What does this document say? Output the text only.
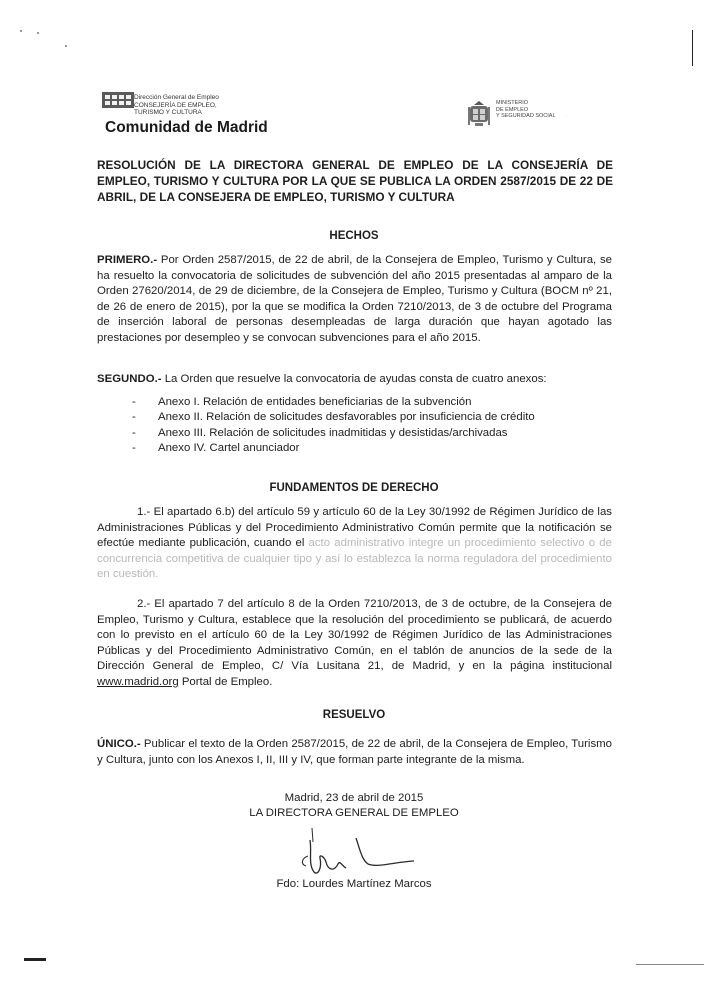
Dirección General de Empleo
CONSEJERÍA DE EMPLEO,
TURISMO Y CULTURA
Comunidad de Madrid
MINISTERIO
DE EMPLEO
Y SEGURIDAD SOCIAL .
RESOLUCIÓN DE LA DIRECTORA GENERAL DE EMPLEO DE LA CONSEJERÍA DE EMPLEO, TURISMO Y CULTURA POR LA QUE SE PUBLICA LA ORDEN 2587/2015 DE 22 DE ABRIL, DE LA CONSEJERA DE EMPLEO, TURISMO Y CULTURA
HECHOS

PRIMERO.- Por Orden 2587/2015, de 22 de abril, de la Consejera de Empleo, Turismo y Cultura, se ha resuelto la convocatoria de solicitudes de subvención del año 2015 presentadas al amparo de la Orden 27620/2014, de 29 de diciembre, de la Consejera de Empleo, Turismo y Cultura (BOCM nº 21, de 26 de enero de 2015), por la que se modifica la Orden 7210/2013, de 3 de octubre del Programa de inserción laboral de personas desempleadas de larga duración que hayan agotado las prestaciones por desempleo y se convocan subvenciones para el año 2015.

SEGUNDO.- La Orden que resuelve la convocatoria de ayudas consta de cuatro anexos:

- Anexo I. Relación de entidades beneficiarias de la subvención
- Anexo II. Relación de solicitudes desfavorables por insuficiencia de crédito
- Anexo III. Relación de solicitudes inadmitidas y desistidas/archivadas
- Anexo IV. Cartel anunciador
FUNDAMENTOS DE DERECHO

1.- El apartado 6.b) del artículo 59 y artículo 60 de la Ley 30/1992 de Régimen Jurídico de las Administraciones Públicas y del Procedimiento Administrativo Común permite que la notificación se efectúe mediante publicación, cuando el acto administrativo integre un procedimiento selectivo o de concurrencia competitiva de cualquier tipo y así lo establezca la norma reguladora del procedimiento en cuestión.

2.- El apartado 7 del artículo 8 de la Orden 7210/2013, de 3 de octubre, de la Consejera de Empleo, Turismo y Cultura, establece que la resolución del procedimiento se publicará, de acuerdo con lo previsto en el artículo 60 de la Ley 30/1992 de Régimen Jurídico de las Administraciones Públicas y del Procedimiento Administrativo Común, en el tablón de anuncios de la sede de la Dirección General de Empleo, C/ Vía Lusitana 21, de Madrid, y en la página institucional www.madrid.org Portal de Empleo.

RESUELVO

ÚNICO.- Publicar el texto de la Orden 2587/2015, de 22 de abril, de la Consejera de Empleo, Turismo y Cultura, junto con los Anexos I, II, III y IV, que forman parte integrante de la misma.

Madrid, 23 de abril de 2015
LA DIRECTORA GENERAL DE EMPLEO
Fdo: Lourdes Martínez Marcos
